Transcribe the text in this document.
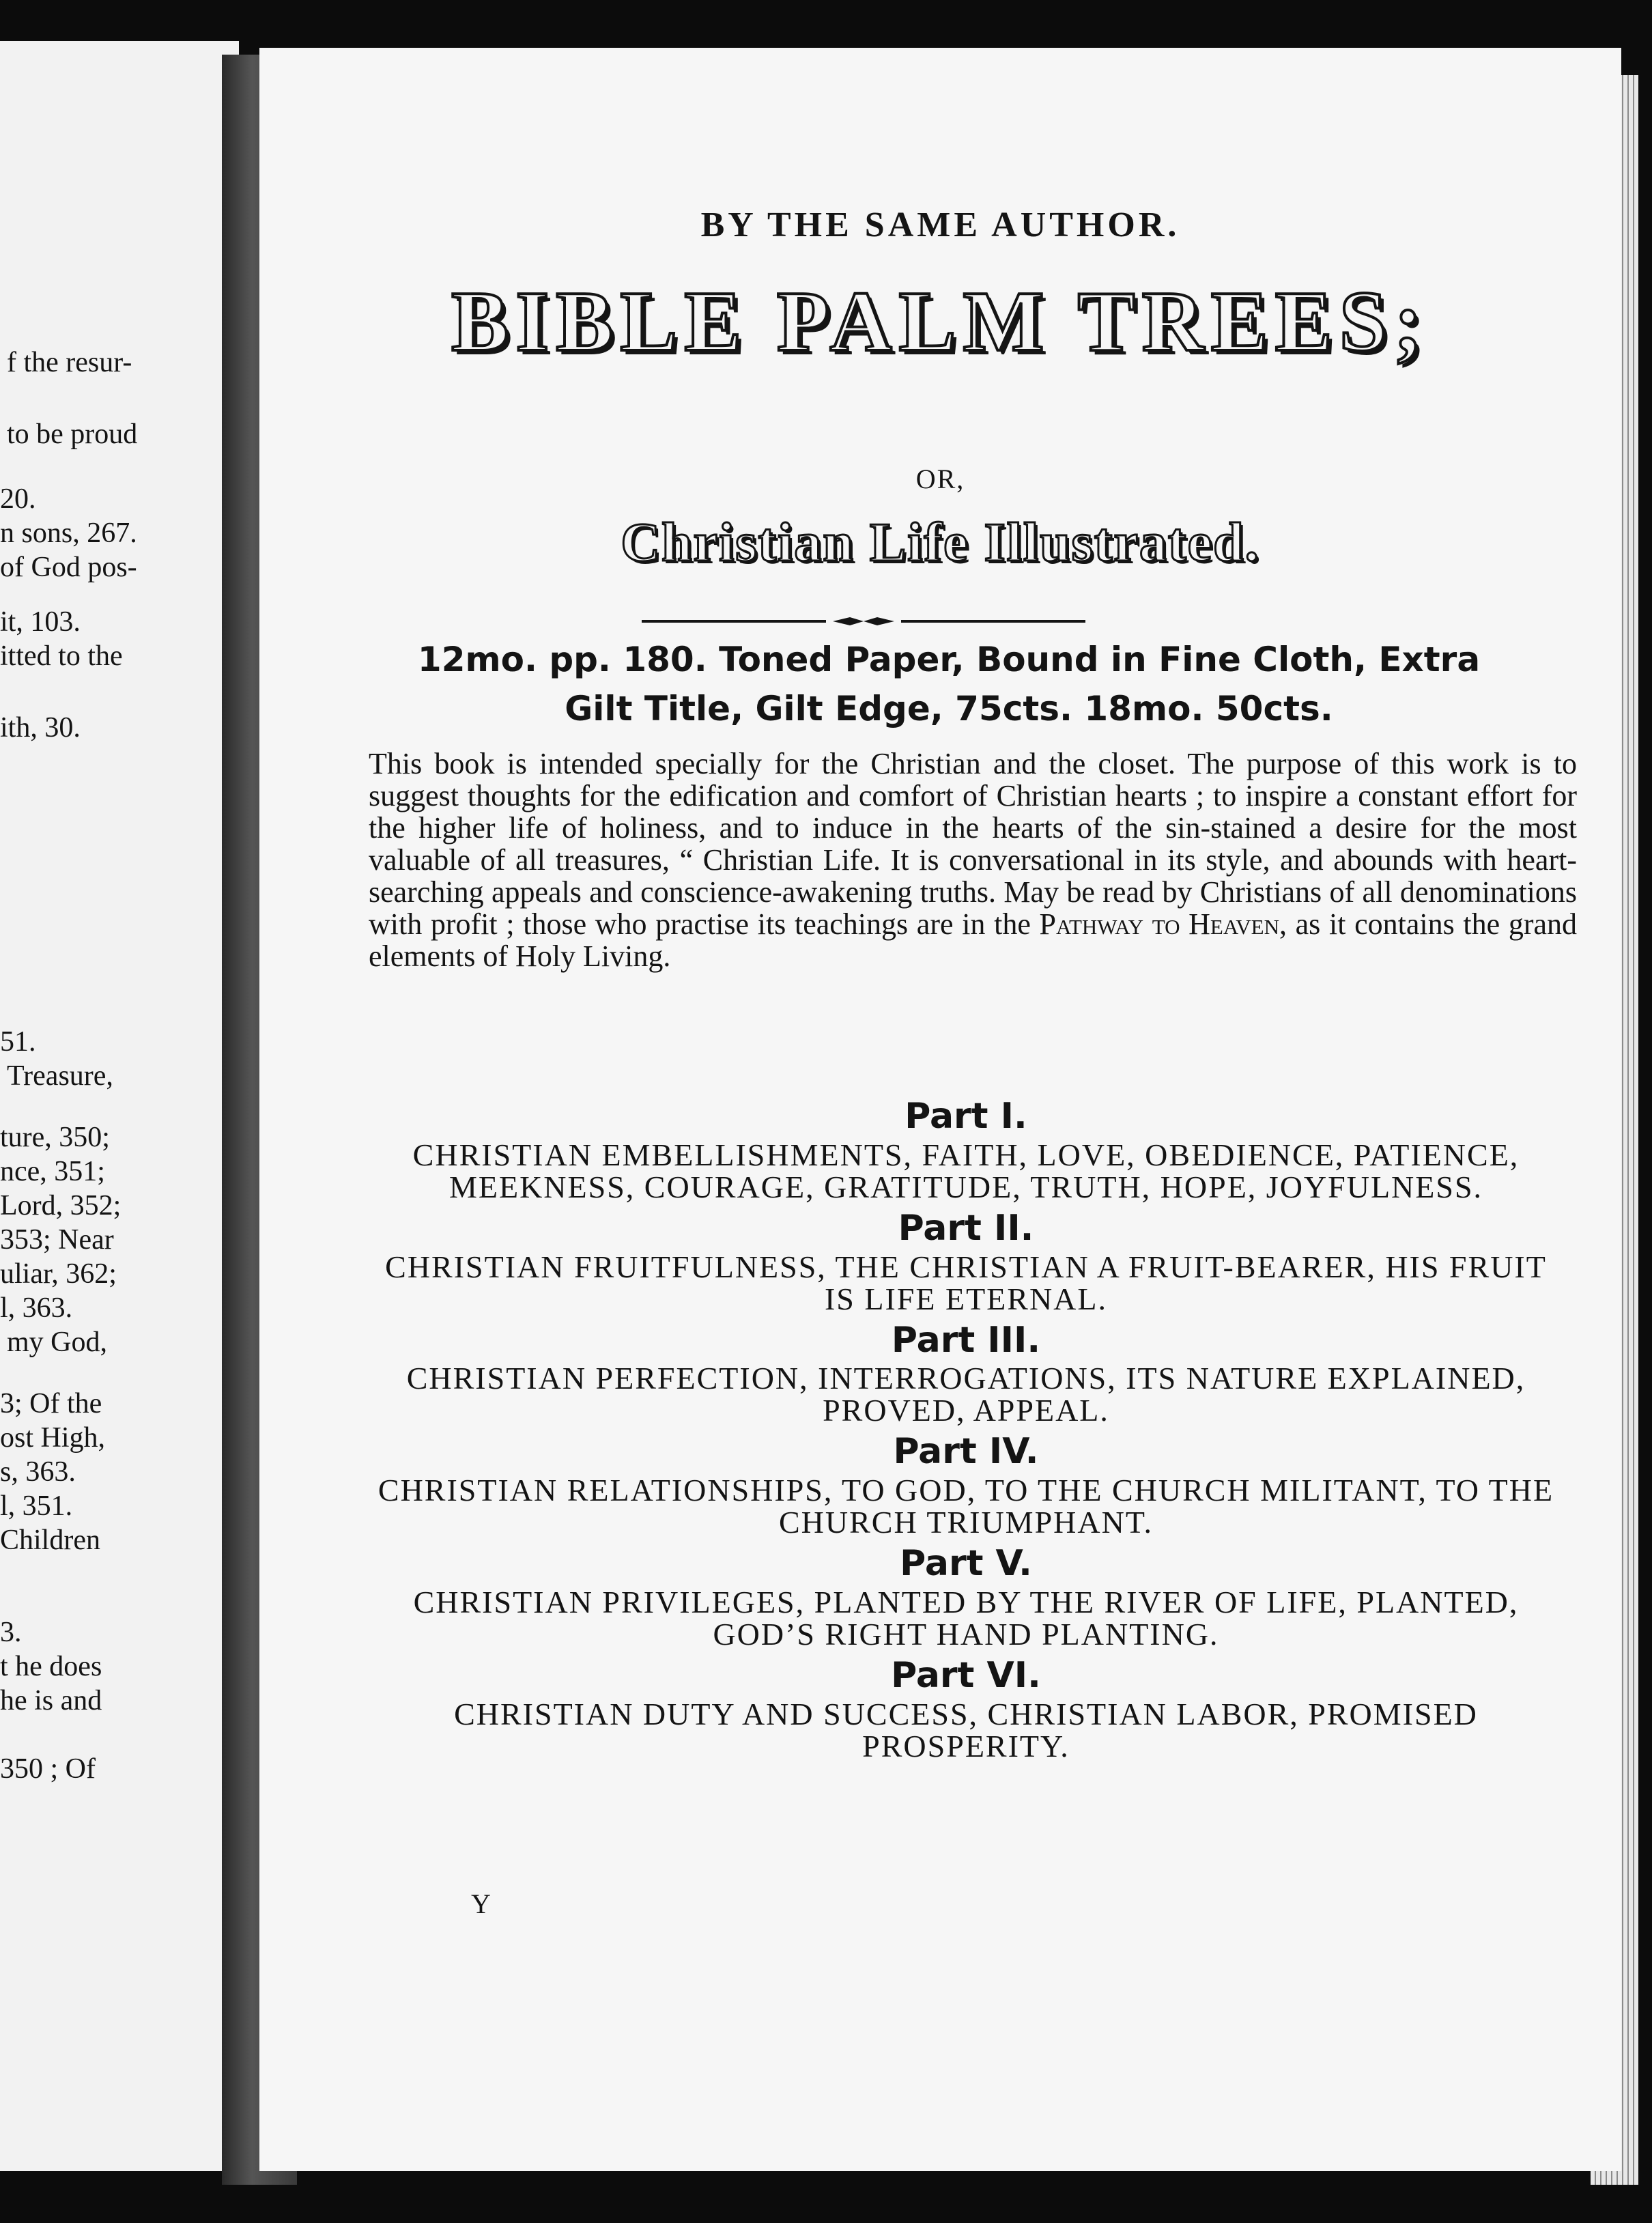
f the resur-
to be proud
20.
n sons, 267.
of God pos-
it, 103.
itted to the
ith, 30.
51.
Treasure,
ture, 350;
nce, 351;
Lord, 352;
353; Near
uliar, 362;
l, 363.
my God,
3; Of the
ost High,
s, 363.
l, 351.
Children
3.
t he does
he is and
350 ; Of
BY THE SAME AUTHOR.
BIBLE PALM TREES;
OR,
Christian Life Illustrated.
12mo. pp. 180. Toned Paper, Bound in Fine Cloth, Extra
Gilt Title, Gilt Edge, 75cts. 18mo. 50cts.
This book is intended specially for the Christian and the closet. The purpose of this work is to suggest thoughts for the edification and comfort of Christian hearts ; to inspire a constant effort for the higher life of holiness, and to induce in the hearts of the sin-stained a desire for the most valuable of all treasures, “ Christian Life. It is conversational in its style, and abounds with heart-searching appeals and conscience-awakening truths. May be read by Christians of all denominations with profit ; those who practise its teachings are in the Pathway to Heaven, as it contains the grand elements of Holy Living.
Part I.
CHRISTIAN EMBELLISHMENTS, FAITH, LOVE, OBEDIENCE, PATIENCE, MEEKNESS, COURAGE, GRATITUDE, TRUTH, HOPE, JOYFULNESS.
Part II.
CHRISTIAN FRUITFULNESS, THE CHRISTIAN A FRUIT-BEARER, HIS FRUIT IS LIFE ETERNAL.
Part III.
CHRISTIAN PERFECTION, INTERROGATIONS, ITS NATURE EXPLAINED, PROVED, APPEAL.
Part IV.
CHRISTIAN RELATIONSHIPS, TO GOD, TO THE CHURCH MILITANT, TO THE CHURCH TRIUMPHANT.
Part V.
CHRISTIAN PRIVILEGES, PLANTED BY THE RIVER OF LIFE, PLANTED, GOD’S RIGHT HAND PLANTING.
Part VI.
CHRISTIAN DUTY AND SUCCESS, CHRISTIAN LABOR, PROMISED PROSPERITY.
Y
